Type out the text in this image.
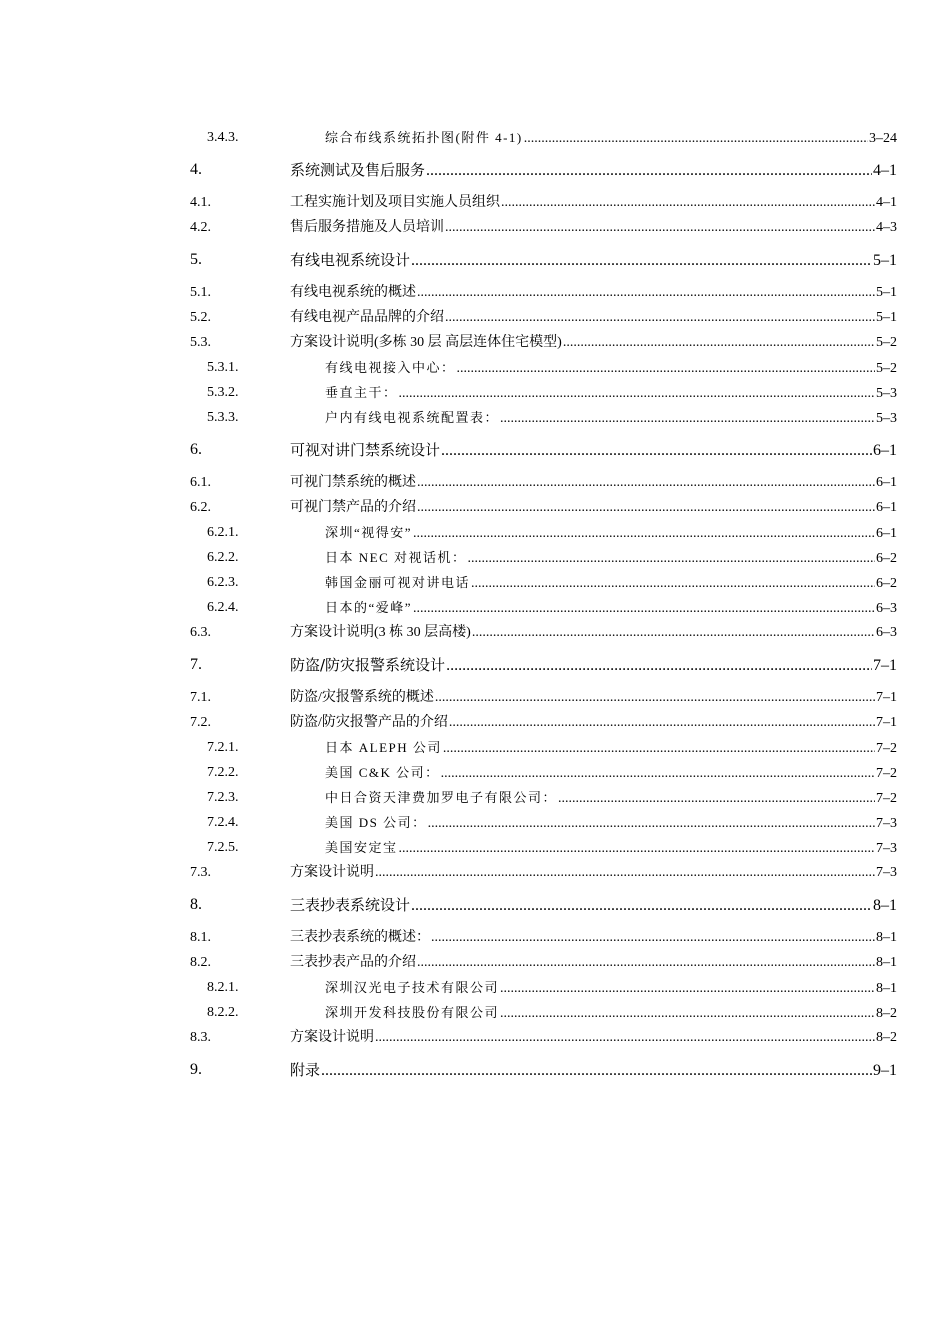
3.4.3.	综合布线系统拓扑图(附件 4-1) .....	3–24
4.	系统测试及售后服务 .....	4–1
4.1.	工程实施计划及项目实施人员组织 .....	4–1
4.2.	售后服务措施及人员培训 .....	4–3
5.	有线电视系统设计 .....	5–1
5.1.	有线电视系统的概述 .....	5–1
5.2.	有线电视产品品牌的介绍 .....	5–1
5.3.	方案设计说明(多栋 30 层 高层连体住宅模型) .....	5–2
5.3.1.	有线电视接入中心： .....	5–2
5.3.2.	垂直主干： .....	5–3
5.3.3.	户内有线电视系统配置表： .....	5–3
6.	可视对讲门禁系统设计 .....	6–1
6.1.	可视门禁系统的概述 .....	6–1
6.2.	可视门禁产品的介绍 .....	6–1
6.2.1.	深圳“视得安” .....	6–1
6.2.2.	日本 NEC 对视话机： .....	6–2
6.2.3.	韩国金丽可视对讲电话 .....	6–2
6.2.4.	日本的“爱峰” .....	6–3
6.3.	方案设计说明(3 栋 30 层高楼) .....	6–3
7.	防盗/防灾报警系统设计 .....	7–1
7.1.	防盗/灾报警系统的概述 .....	7–1
7.2.	防盗/防灾报警产品的介绍 .....	7–1
7.2.1.	日本 ALEPH 公司 .....	7–2
7.2.2.	美国 C&K 公司： .....	7–2
7.2.3.	中日合资天津费加罗电子有限公司： .....	7–2
7.2.4.	美国 DS 公司： .....	7–3
7.2.5.	美国安定宝 .....	7–3
7.3.	方案设计说明 .....	7–3
8.	三表抄表系统设计 .....	8–1
8.1.	三表抄表系统的概述： .....	8–1
8.2.	三表抄表产品的介绍 .....	8–1
8.2.1.	深圳汉光电子技术有限公司 .....	8–1
8.2.2.	深圳开发科技股份有限公司 .....	8–2
8.3.	方案设计说明 .....	8–2
9.	附录 .....	9–1
